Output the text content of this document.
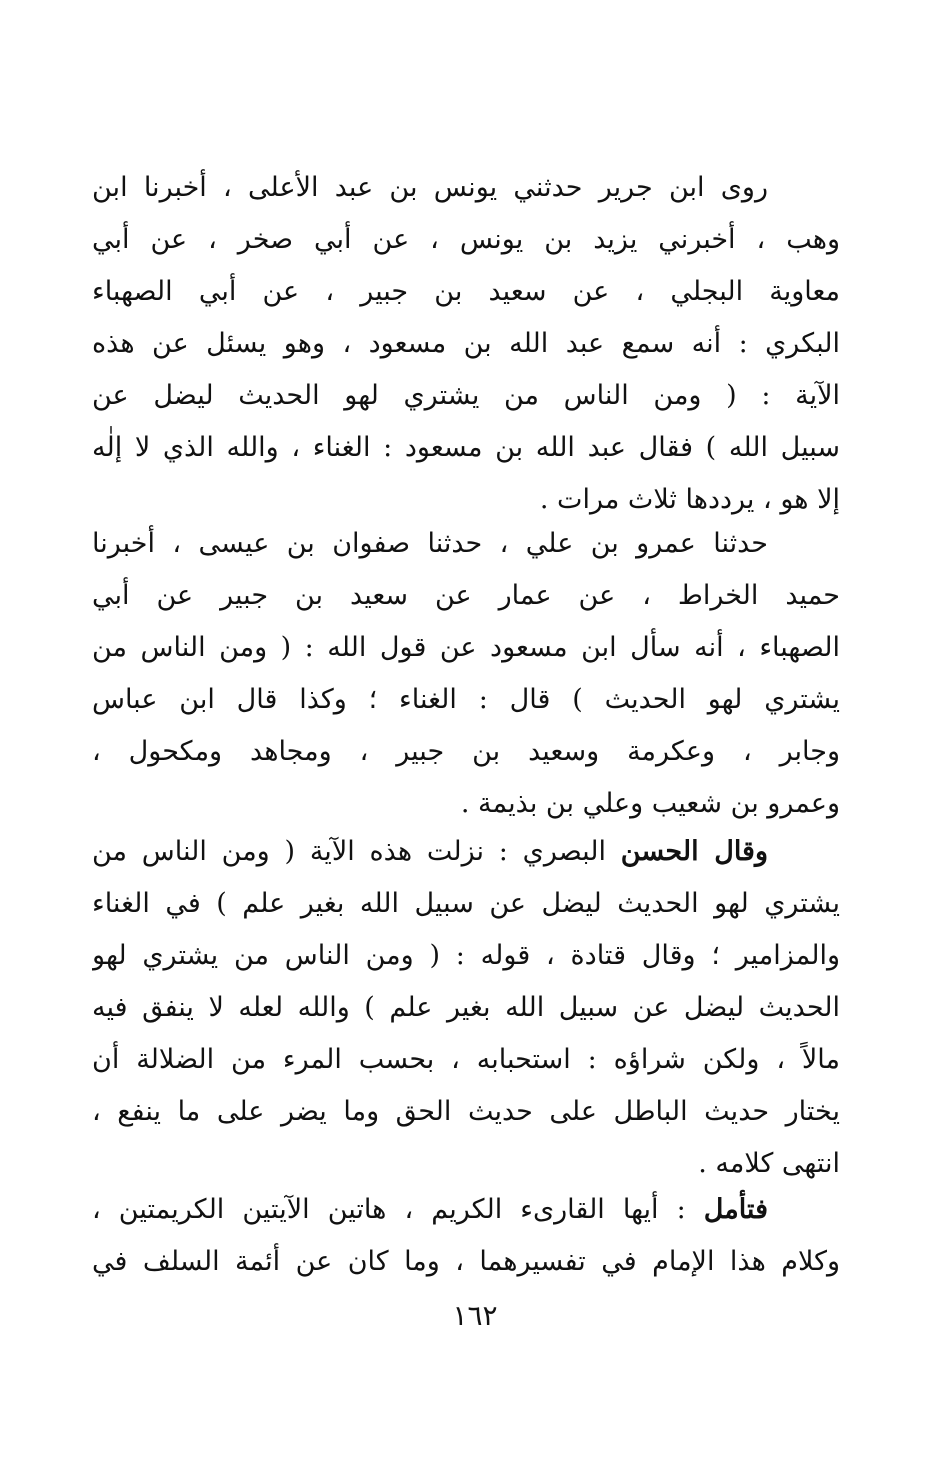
روى ابن جرير حدثني يونس بن عبد الأعلى ، أخبرنا ابن
وهب ، أخبرني يزيد بن يونس ، عن أبي صخر ، عن أبي
معاوية البجلي ، عن سعيد بن جبير ، عن أبي الصهباء
البكري : أنه سمع عبد الله بن مسعود ، وهو يسئل عن هذه
الآية : ( ومن الناس من يشتري لهو الحديث ليضل عن
سبيل الله ) فقال عبد الله بن مسعود : الغناء ، والله الذي لا إلٰه
إلا هو ، يرددها ثلاث مرات .
حدثنا عمرو بن علي ، حدثنا صفوان بن عيسى ، أخبرنا
حميد الخراط ، عن عمار عن سعيد بن جبير عن أبي
الصهباء ، أنه سأل ابن مسعود عن قول الله : ( ومن الناس من
يشتري لهو الحديث ) قال : الغناء ؛ وكذا قال ابن عباس
وجابر ، وعكرمة وسعيد بن جبير ، ومجاهد ومكحول ،
وعمرو بن شعيب وعلي بن بذيمة .
وقال الحسن البصري : نزلت هذه الآية ( ومن الناس من
يشتري لهو الحديث ليضل عن سبيل الله بغير علم ) في الغناء
والمزامير ؛ وقال قتادة ، قوله : ( ومن الناس من يشتري لهو
الحديث ليضل عن سبيل الله بغير علم ) والله لعله لا ينفق فيه
مالاً ، ولكن شراؤه : استحبابه ، بحسب المرء من الضلالة أن
يختار حديث الباطل على حديث الحق وما يضر على ما ينفع ،
انتهى كلامه .
فتأمل : أيها القارىء الكريم ، هاتين الآيتين الكريمتين ،
وكلام هذا الإمام في تفسيرهما ، وما كان عن أئمة السلف في
١٦٢
